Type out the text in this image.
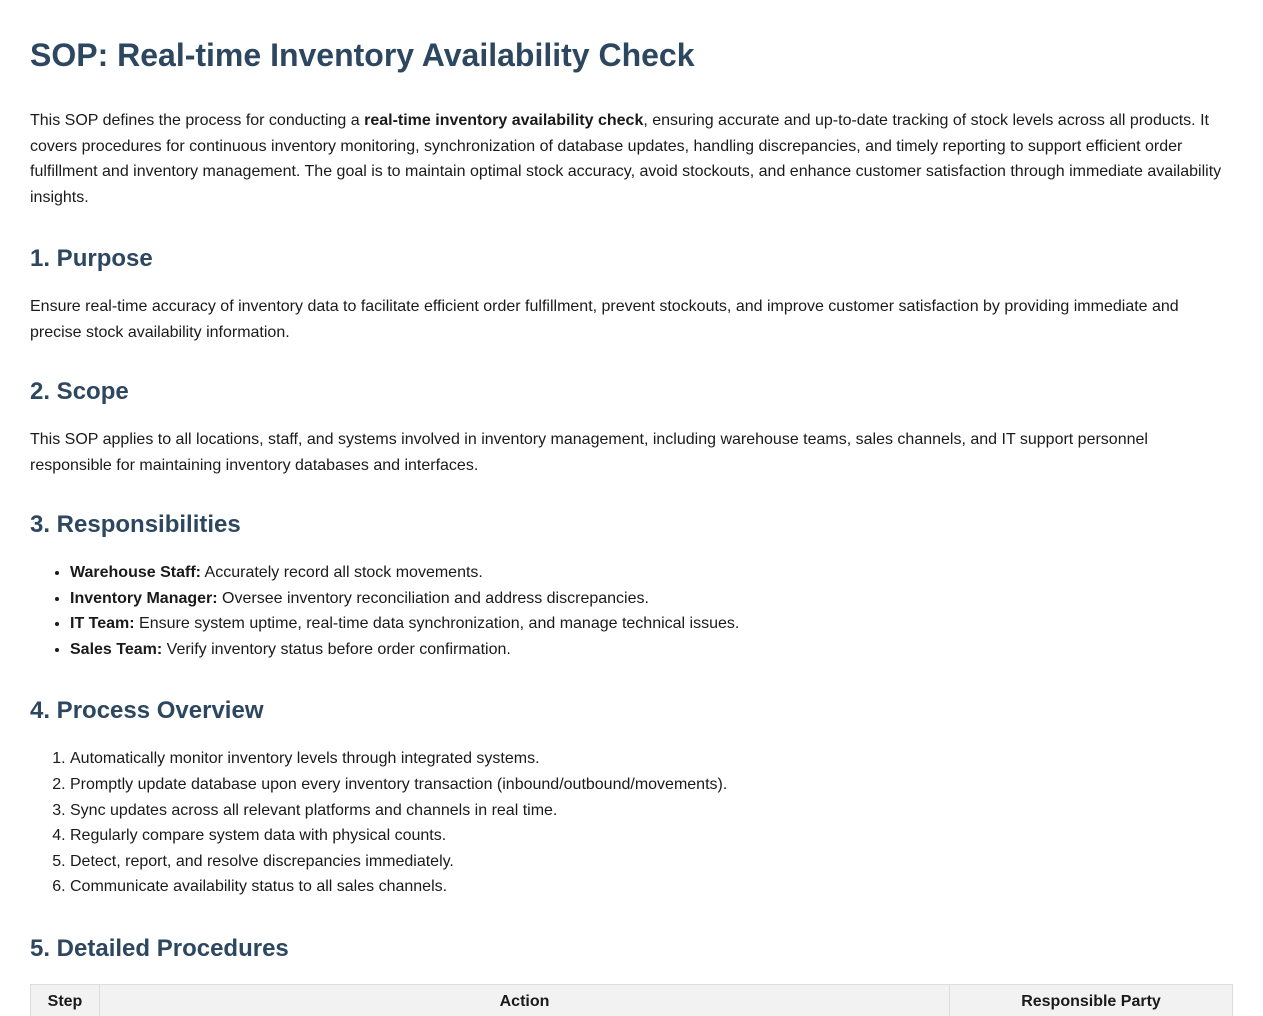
SOP: Real-time Inventory Availability Check

This SOP defines the process for conducting a real-time inventory availability check, ensuring accurate and up-to-date tracking of stock levels across all products. It covers procedures for continuous inventory monitoring, synchronization of database updates, handling discrepancies, and timely reporting to support efficient order fulfillment and inventory management. The goal is to maintain optimal stock accuracy, avoid stockouts, and enhance customer satisfaction through immediate availability insights.

1. Purpose

Ensure real-time accuracy of inventory data to facilitate efficient order fulfillment, prevent stockouts, and improve customer satisfaction by providing immediate and precise stock availability information.

2. Scope

This SOP applies to all locations, staff, and systems involved in inventory management, including warehouse teams, sales channels, and IT support personnel responsible for maintaining inventory databases and interfaces.

3. Responsibilities
• Warehouse Staff: Accurately record all stock movements.
• Inventory Manager: Oversee inventory reconciliation and address discrepancies.
• IT Team: Ensure system uptime, real-time data synchronization, and manage technical issues.
• Sales Team: Verify inventory status before order confirmation.
4. Process Overview
1. Automatically monitor inventory levels through integrated systems.
2. Promptly update database upon every inventory transaction (inbound/outbound/movements).
3. Sync updates across all relevant platforms and channels in real time.
4. Regularly compare system data with physical counts.
5. Detect, report, and resolve discrepancies immediately.
6. Communicate availability status to all sales channels.
5. Detailed Procedures
Step	Action	Responsible Party
